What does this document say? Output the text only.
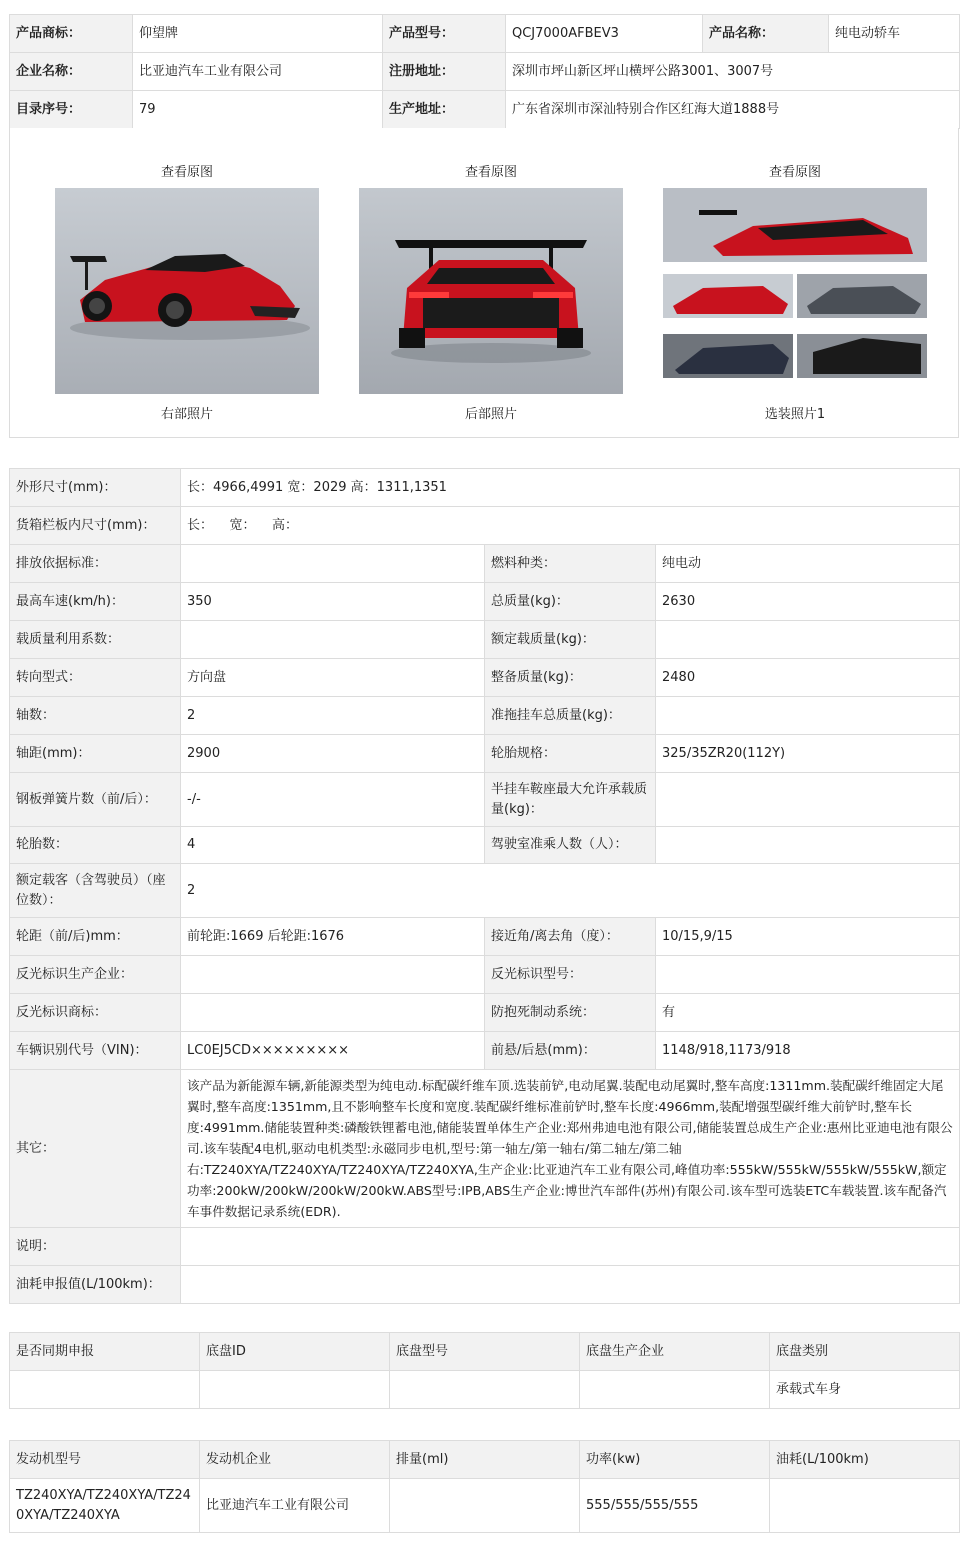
产品商标：	仰望牌	产品型号：	QCJ7000AFBEV3	产品名称：	纯电动轿车
企业名称：	比亚迪汽车工业有限公司	注册地址：	深圳市坪山新区坪山横坪公路3001、3007号		
目录序号：	79	生产地址：	广东省深圳市深汕特别合作区红海大道1888号		
查看原图
右部照片
查看原图
后部照片
查看原图
选装照片1
外形尺寸(mm)：	长：4966,4991 宽：2029 高：1311,1351		
货箱栏板内尺寸(mm)：	长：    宽：    高：		
排放依据标准：		燃料种类：	纯电动
最高车速(km/h)：	350	总质量(kg)：	2630
载质量利用系数：		额定载质量(kg)：	
转向型式：	方向盘	整备质量(kg)：	2480
轴数：	2	准拖挂车总质量(kg)：	
轴距(mm)：	2900	轮胎规格：	325/35ZR20(112Y)
钢板弹簧片数（前/后）：	-/-	半挂车鞍座最大允许承载质量(kg)：	
轮胎数：	4	驾驶室准乘人数（人）：	
额定载客（含驾驶员）（座位数）：	2		
轮距（前/后)mm：	前轮距:1669 后轮距:1676	接近角/离去角（度）：	10/15,9/15
反光标识生产企业：		反光标识型号：	
反光标识商标：		防抱死制动系统：	有
车辆识别代号（VIN)：	LC0EJ5CD×××××××××	前悬/后悬(mm)：	1148/918,1173/918
其它：	该产品为新能源车辆,新能源类型为纯电动.标配碳纤维车顶.选装前铲,电动尾翼.装配电动尾翼时,整车高度:1311mm.装配碳纤维固定大尾翼时,整车高度:1351mm,且不影响整车长度和宽度.装配碳纤维标准前铲时,整车长度:4966mm,装配增强型碳纤维大前铲时,整车长度:4991mm.储能装置种类:磷酸铁锂蓄电池,储能装置单体生产企业:郑州弗迪电池有限公司,储能装置总成生产企业:惠州比亚迪电池有限公司.该车装配4电机,驱动电机类型:永磁同步电机,型号:第一轴左/第一轴右/第二轴左/第二轴右:TZ240XYA/TZ240XYA/TZ240XYA/TZ240XYA,生产企业:比亚迪汽车工业有限公司,峰值功率:555kW/555kW/555kW/555kW,额定功率:200kW/200kW/200kW/200kW.ABS型号:IPB,ABS生产企业:博世汽车部件(苏州)有限公司.该车型可选装ETC车载装置.该车配备汽车事件数据记录系统(EDR).		
说明：			
油耗申报值(L/100km)：			
是否同期申报	底盘ID	底盘型号	底盘生产企业	底盘类别
				承载式车身
发动机型号	发动机企业	排量(ml)	功率(kw)	油耗(L/100km)
TZ240XYA/TZ240XYA/TZ240XYA/TZ240XYA	比亚迪汽车工业有限公司		555/555/555/555	
